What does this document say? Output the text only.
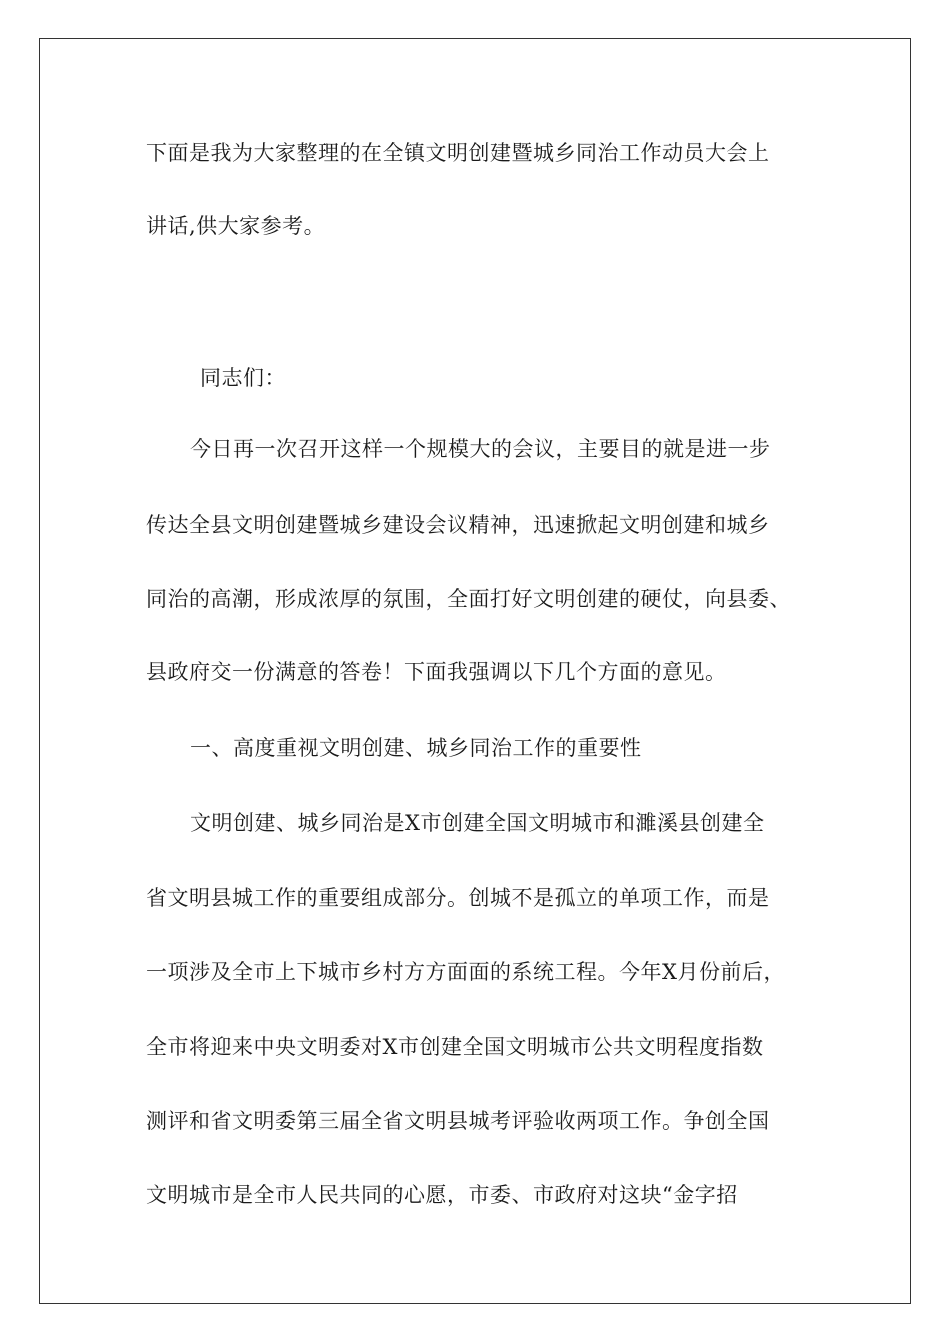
下面是我为大家整理的在全镇文明创建暨城乡同治工作动员大会上
讲话,供大家参考。
同志们：
今日再一次召开这样一个规模大的会议，主要目的就是进一步
传达全县文明创建暨城乡建设会议精神，迅速掀起文明创建和城乡
同治的高潮，形成浓厚的氛围，全面打好文明创建的硬仗，向县委、
县政府交一份满意的答卷！下面我强调以下几个方面的意见。
一、高度重视文明创建、城乡同治工作的重要性
文明创建、城乡同治是X市创建全国文明城市和濉溪县创建全
省文明县城工作的重要组成部分。创城不是孤立的单项工作，而是
一项涉及全市上下城市乡村方方面面的系统工程。今年X月份前后，
全市将迎来中央文明委对X市创建全国文明城市公共文明程度指数
测评和省文明委第三届全省文明县城考评验收两项工作。争创全国
文明城市是全市人民共同的心愿，市委、市政府对这块“金字招
